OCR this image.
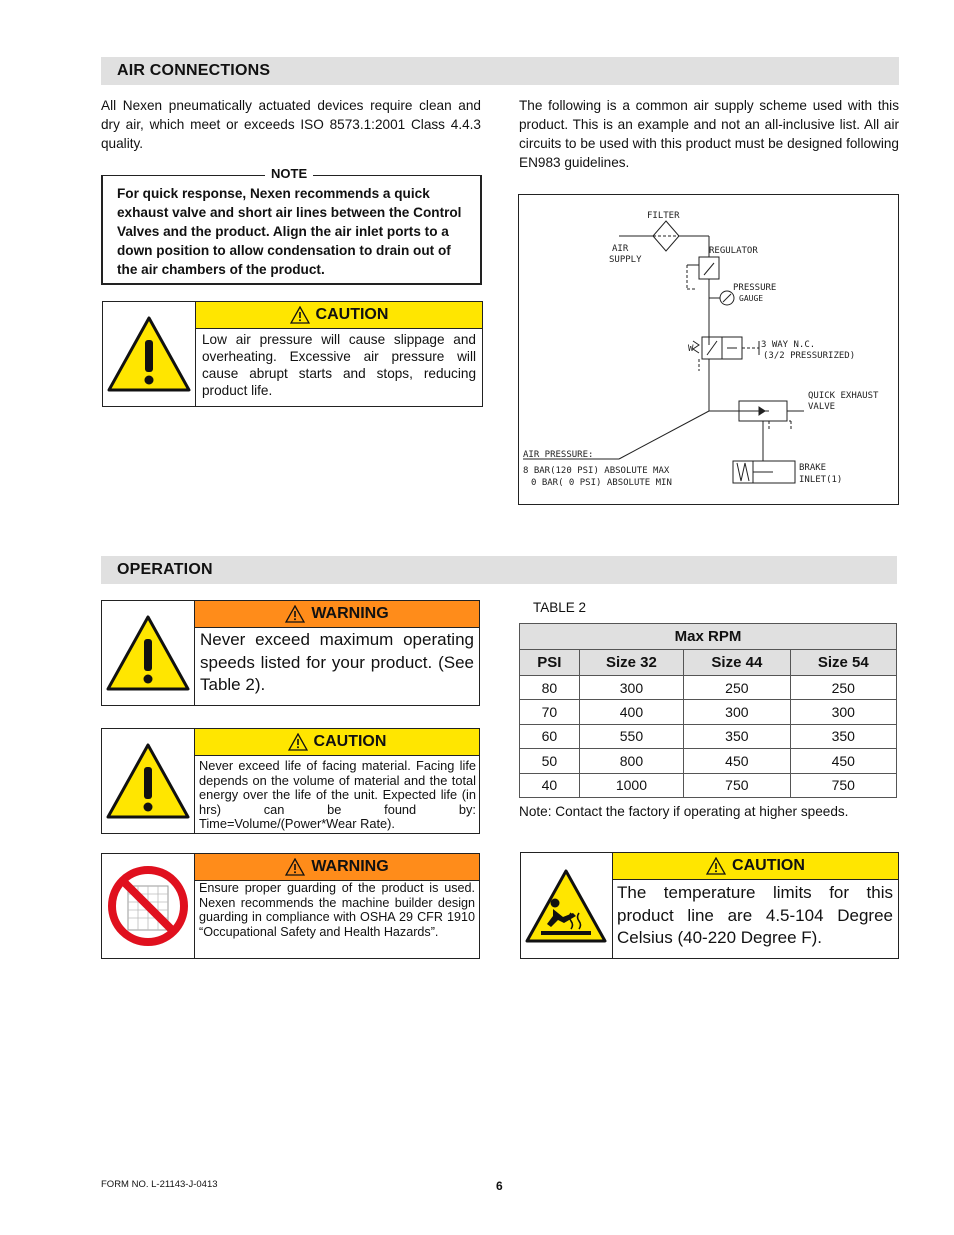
AIR CONNECTIONS
All Nexen pneumatically actuated devices require clean and dry air, which meet or exceeds ISO 8573.1:2001 Class 4.4.3 quality.
The following is a common air supply scheme used with this product. This is an example and not an all-inclusive list. All air circuits to be used with this product must be designed following EN983 guidelines.
NOTE
For quick response, Nexen recommends a quick exhaust valve and short air lines between the Control Valves and the product. Align the air inlet ports to a down position to allow condensation to drain out of the air chambers of the product.
CAUTION
Low air pressure will cause slippage and overheating. Excessive air pressure will cause abrupt starts and stops, reducing product life.
FILTER
AIR
SUPPLY
REGULATOR
PRESSURE
GAUGE
W	3 WAY N.C.
(3/2 PRESSURIZED)
QUICK EXHAUST
VALVE
AIR PRESSURE:
8 BAR(120 PSI) ABSOLUTE MAX
0 BAR( 0 PSI) ABSOLUTE MIN
BRAKE
INLET(1)
OPERATION
WARNING
Never exceed maximum operating speeds listed for your product. (See Table 2).
CAUTION
Never exceed life of facing material. Facing life depends on the volume of material and the total energy over the life of the unit. Expected life (in hrs) can be found by: Time=Volume/(Power*Wear Rate).
WARNING
Ensure proper guarding of the product is used. Nexen recommends the machine builder design guarding in compliance with OSHA 29 CFR 1910 “Occupational Safety and Health Hazards”.
TABLE 2
Max RPM			
PSI	Size 32	Size 44	Size 54
80	300	250	250
70	400	300	300
60	550	350	350
50	800	450	450
40	1000	750	750
Note: Contact the factory if operating at higher speeds.
CAUTION
The temperature limits for this product line are 4.5-104 Degree Celsius (40-220 Degree F).
FORM NO. L-21143-J-0413	6
